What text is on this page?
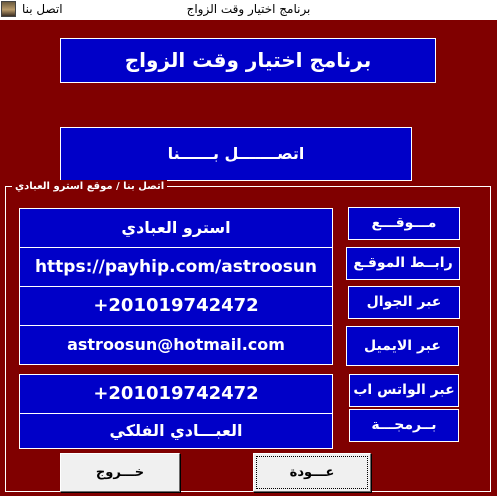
اتصل بنا	برنامج اختيار وقت الزواج
برنامج اختيار وقت الزواج
اتصـــــــل بــــــنا
اتصل بنا / موقع استرو العبادي
استرو العبادي
https://payhip.com/astroosun
+201019742472
astroosun@hotmail.com
+201019742472
العبـــادي الفلكي
مـــوقـــع
رابــط الموقـع
عبر الجوال
عبر الايميل
عبر الواتس اب
بــرمجـــة
خـــروج	عـــودة
